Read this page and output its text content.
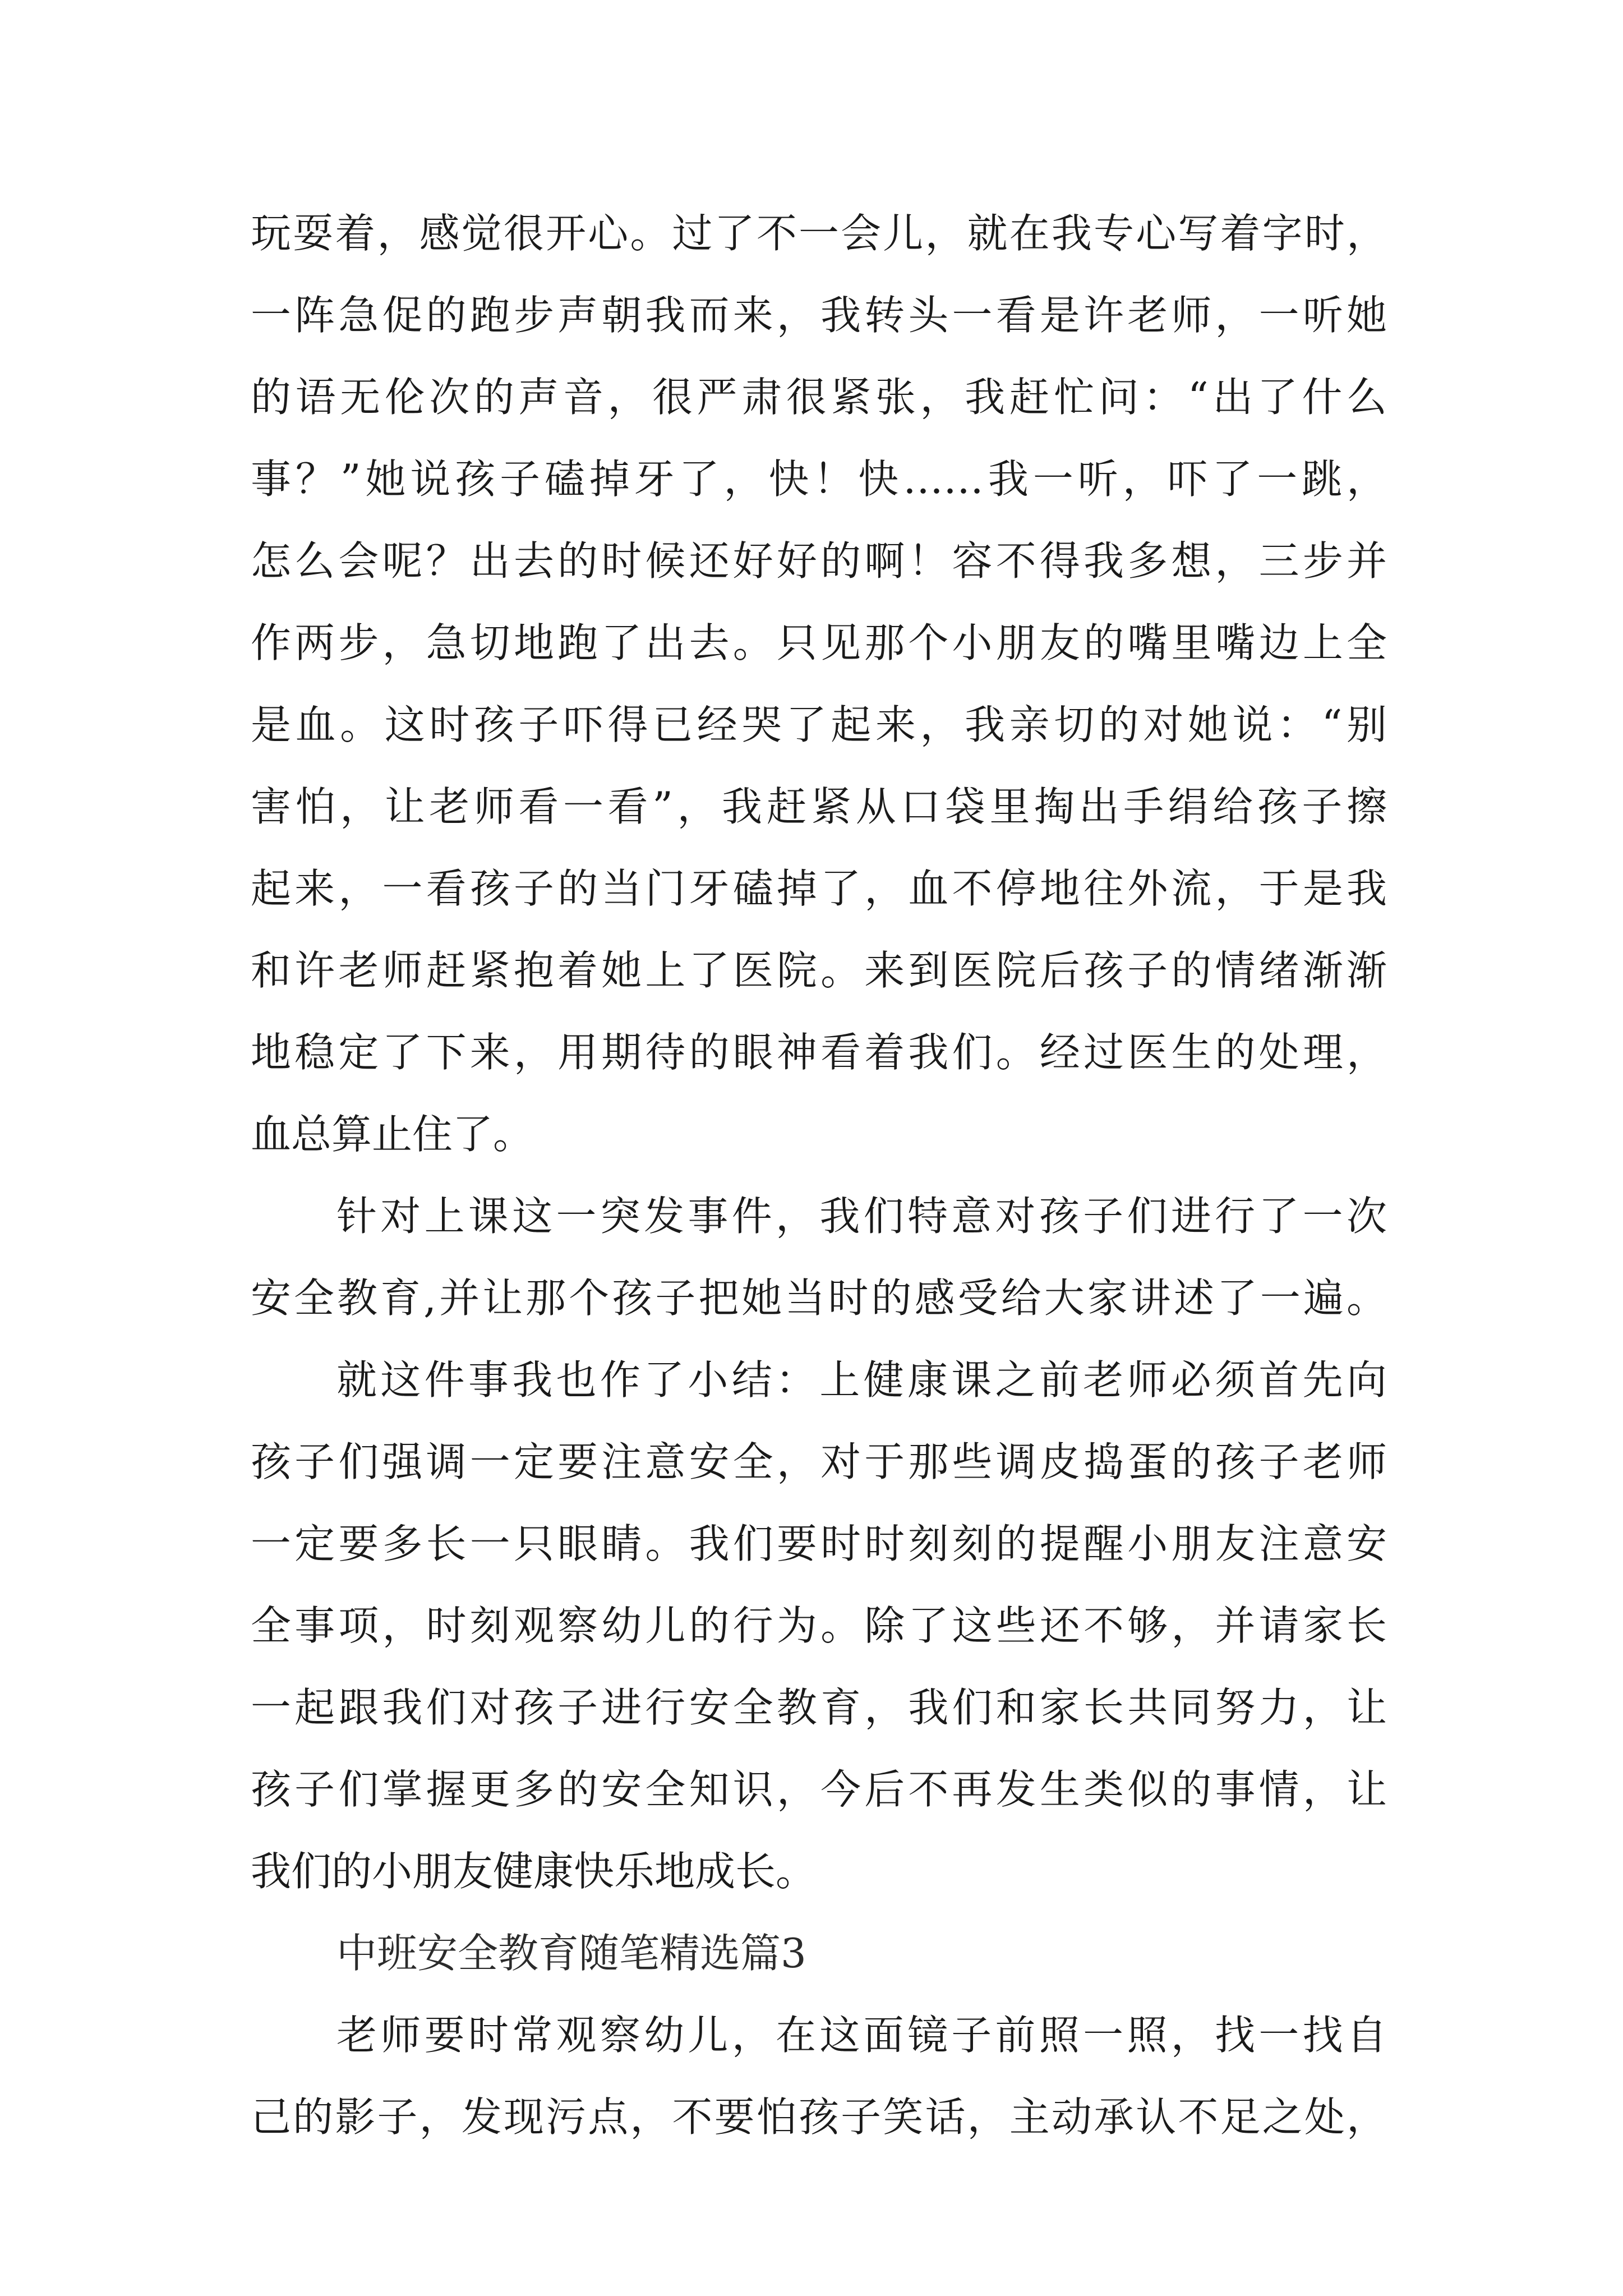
玩耍着，感觉很开心。过了不一会儿，就在我专心写着字时，
一阵急促的跑步声朝我而来，我转头一看是许老师，一听她
的语无伦次的声音，很严肃很紧张，我赶忙问：“出了什么
事？”她说孩子磕掉牙了，快！快……我一听，吓了一跳，
怎么会呢？出去的时候还好好的啊！容不得我多想，三步并
作两步，急切地跑了出去。只见那个小朋友的嘴里嘴边上全
是血。这时孩子吓得已经哭了起来，我亲切的对她说：“别
害怕，让老师看一看”，我赶紧从口袋里掏出手绢给孩子擦
起来，一看孩子的当门牙磕掉了，血不停地往外流，于是我
和许老师赶紧抱着她上了医院。来到医院后孩子的情绪渐渐
地稳定了下来，用期待的眼神看着我们。经过医生的处理，
血总算止住了。
针对上课这一突发事件，我们特意对孩子们进行了一次
安全教育,并让那个孩子把她当时的感受给大家讲述了一遍。
就这件事我也作了小结：上健康课之前老师必须首先向
孩子们强调一定要注意安全，对于那些调皮捣蛋的孩子老师
一定要多长一只眼睛。我们要时时刻刻的提醒小朋友注意安
全事项，时刻观察幼儿的行为。除了这些还不够，并请家长
一起跟我们对孩子进行安全教育，我们和家长共同努力，让
孩子们掌握更多的安全知识，今后不再发生类似的事情，让
我们的小朋友健康快乐地成长。
中班安全教育随笔精选篇3
老师要时常观察幼儿，在这面镜子前照一照，找一找自
己的影子，发现污点，不要怕孩子笑话，主动承认不足之处，
